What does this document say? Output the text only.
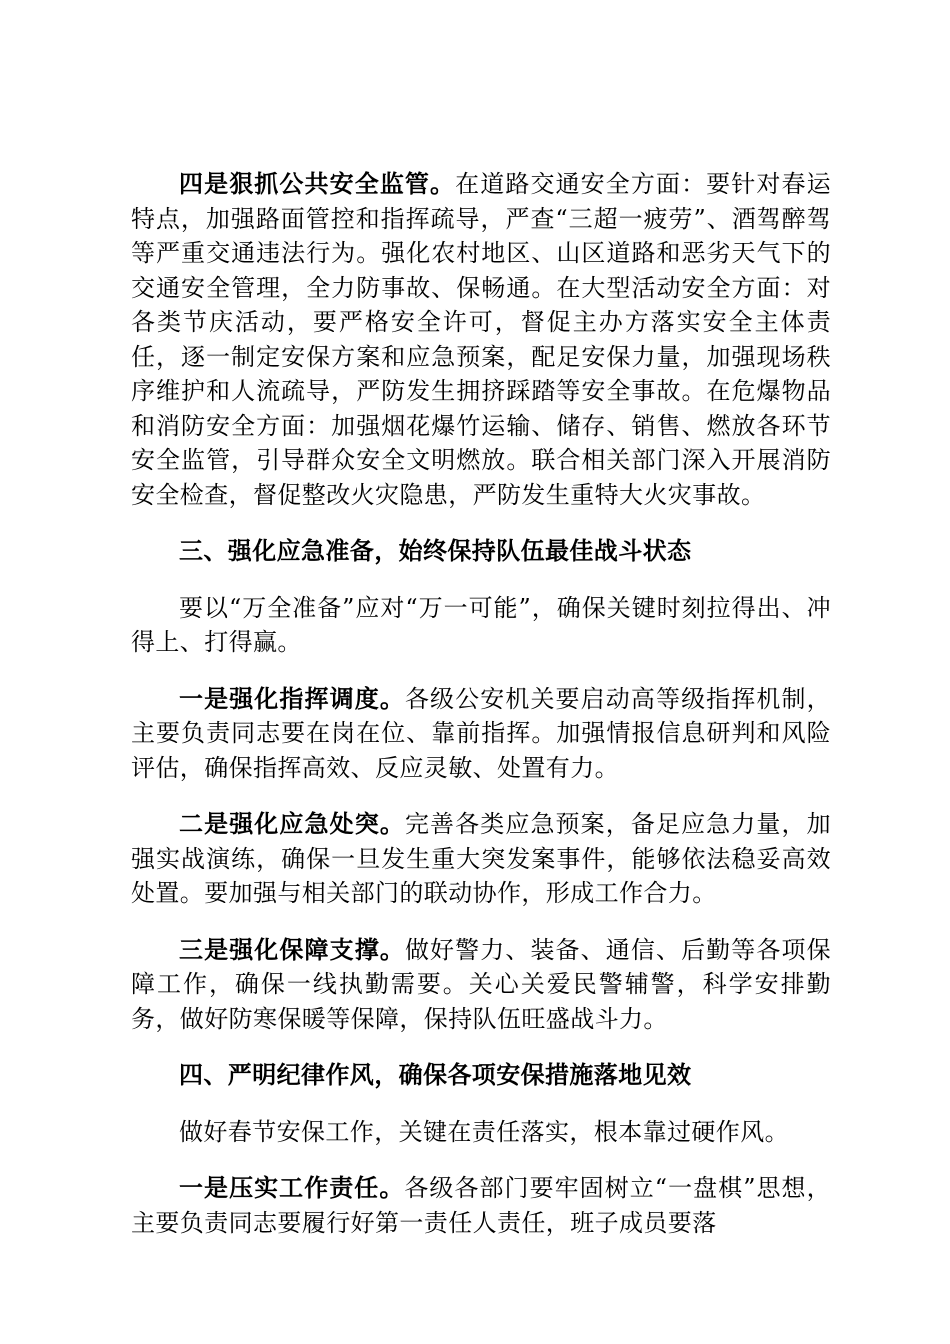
四是狠抓公共安全监管。在道路交通安全方面：要针对春运特点，加强路面管控和指挥疏导，严查“三超一疲劳”、酒驾醉驾等严重交通违法行为。强化农村地区、山区道路和恶劣天气下的交通安全管理，全力防事故、保畅通。在大型活动安全方面：对各类节庆活动，要严格安全许可，督促主办方落实安全主体责任，逐一制定安保方案和应急预案，配足安保力量，加强现场秩序维护和人流疏导，严防发生拥挤踩踏等安全事故。在危爆物品和消防安全方面：加强烟花爆竹运输、储存、销售、燃放各环节安全监管，引导群众安全文明燃放。联合相关部门深入开展消防安全检查，督促整改火灾隐患，严防发生重特大火灾事故。

三、强化应急准备，始终保持队伍最佳战斗状态

要以“万全准备”应对“万一可能”，确保关键时刻拉得出、冲得上、打得赢。

一是强化指挥调度。各级公安机关要启动高等级指挥机制，主要负责同志要在岗在位、靠前指挥。加强情报信息研判和风险评估，确保指挥高效、反应灵敏、处置有力。

二是强化应急处突。完善各类应急预案，备足应急力量，加强实战演练，确保一旦发生重大突发案事件，能够依法稳妥高效处置。要加强与相关部门的联动协作，形成工作合力。

三是强化保障支撑。做好警力、装备、通信、后勤等各项保障工作，确保一线执勤需要。关心关爱民警辅警，科学安排勤务，做好防寒保暖等保障，保持队伍旺盛战斗力。

四、严明纪律作风，确保各项安保措施落地见效

做好春节安保工作，关键在责任落实，根本靠过硬作风。

一是压实工作责任。各级各部门要牢固树立“一盘棋”思想，主要负责同志要履行好第一责任人责任，班子成员要落
